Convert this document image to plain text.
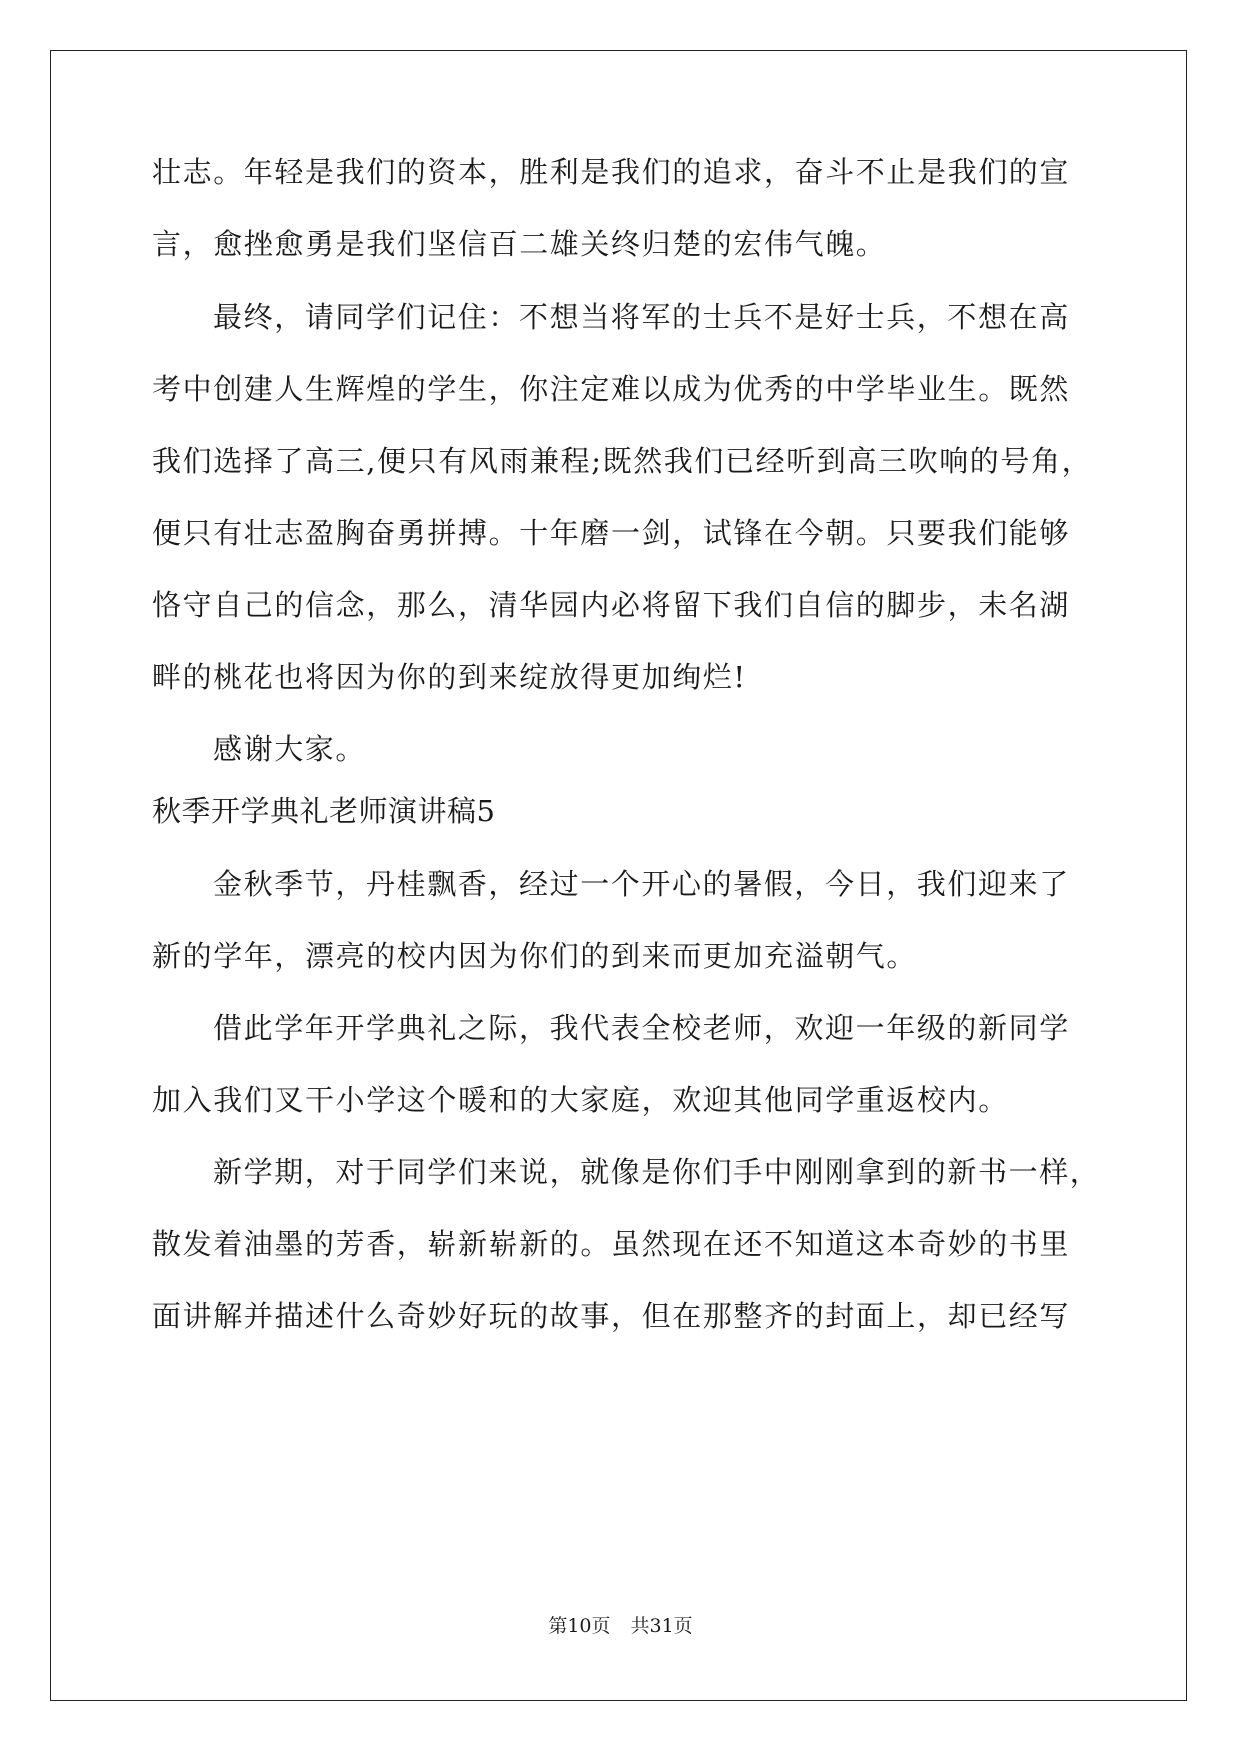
壮志。年轻是我们的资本，胜利是我们的追求，奋斗不止是我们的宣
言，愈挫愈勇是我们坚信百二雄关终归楚的宏伟气魄。
最终，请同学们记住：不想当将军的士兵不是好士兵，不想在高
考中创建人生辉煌的学生，你注定难以成为优秀的中学毕业生。既然
我们选择了高三,便只有风雨兼程;既然我们已经听到高三吹响的号角，
便只有壮志盈胸奋勇拼搏。十年磨一剑，试锋在今朝。只要我们能够
恪守自己的信念，那么，清华园内必将留下我们自信的脚步，未名湖
畔的桃花也将因为你的到来绽放得更加绚烂!
感谢大家。
秋季开学典礼老师演讲稿5
金秋季节，丹桂飘香，经过一个开心的暑假，今日，我们迎来了
新的学年，漂亮的校内因为你们的到来而更加充溢朝气。
借此学年开学典礼之际，我代表全校老师，欢迎一年级的新同学
加入我们叉干小学这个暖和的大家庭，欢迎其他同学重返校内。
新学期，对于同学们来说，就像是你们手中刚刚拿到的新书一样，
散发着油墨的芳香，崭新崭新的。虽然现在还不知道这本奇妙的书里
面讲解并描述什么奇妙好玩的故事，但在那整齐的封面上，却已经写
第10页 共31页
